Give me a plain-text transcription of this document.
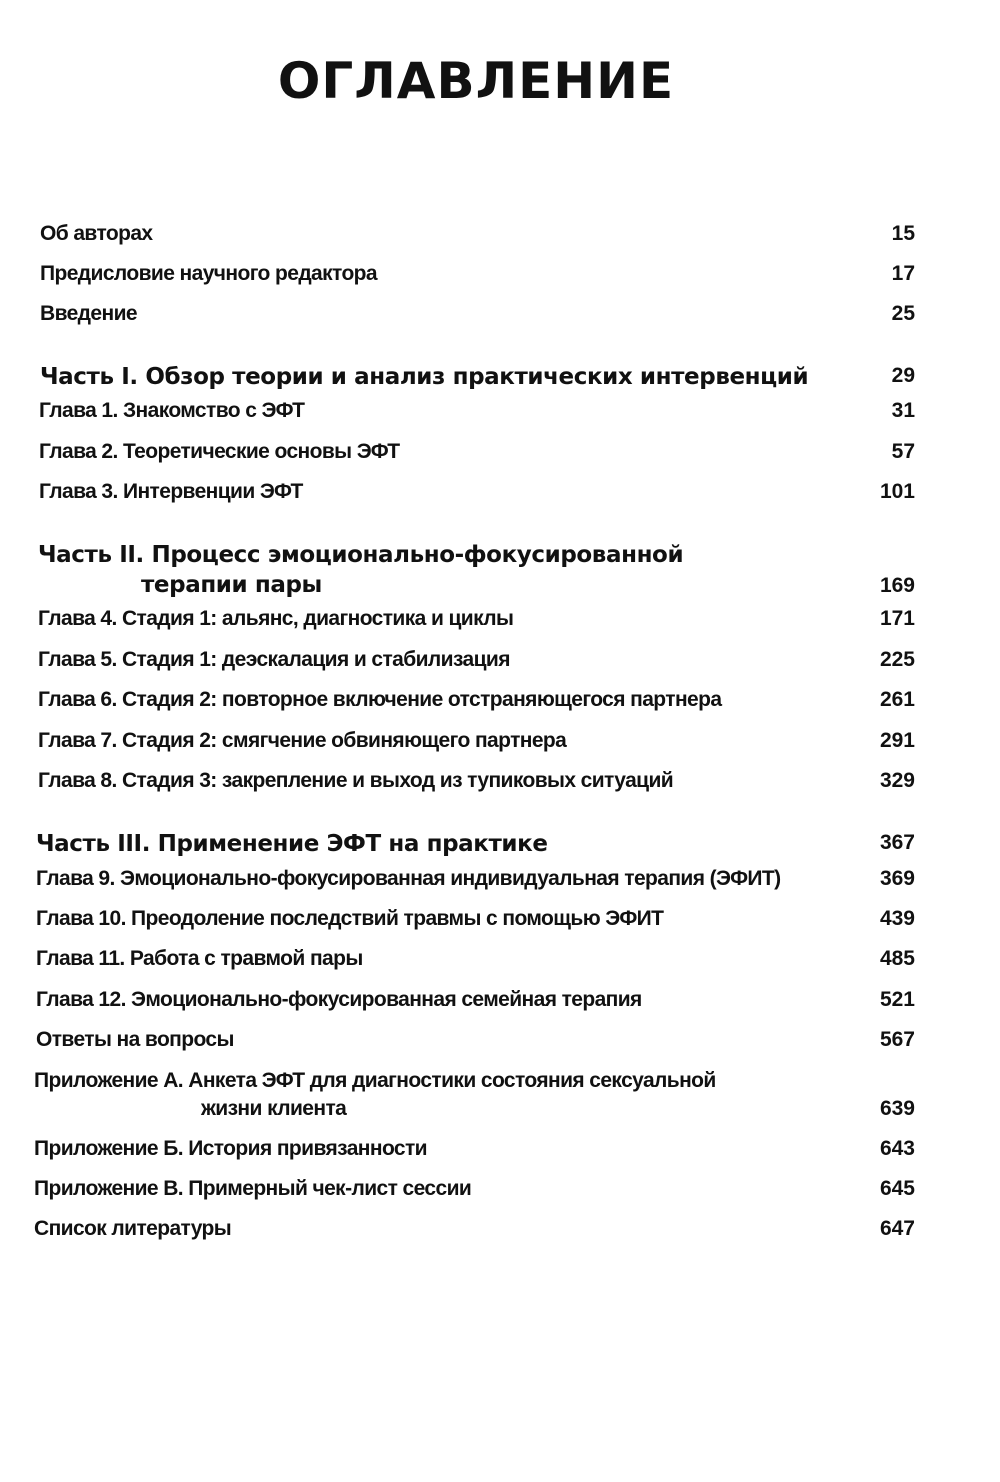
ОГЛАВЛЕНИЕ
Об авторах	15
Предисловие научного редактора	17
Введение	25
Часть I. Обзор теории и анализ практических интервенций	29
Глава 1. Знакомство с ЭФТ	31
Глава 2. Теоретические основы ЭФТ	57
Глава 3. Интервенции ЭФТ	101
Часть II. Процесс эмоционально-фокусированной
терапии пары	169
Глава 4. Стадия 1: альянс, диагностика и циклы	171
Глава 5. Стадия 1: деэскалация и стабилизация	225
Глава 6. Стадия 2: повторное включение отстраняющегося партнера	261
Глава 7. Стадия 2: смягчение обвиняющего партнера	291
Глава 8. Стадия 3: закрепление и выход из тупиковых ситуаций	329
Часть III. Применение ЭФТ на практике	367
Глава 9. Эмоционально-фокусированная индивидуальная терапия (ЭФИТ)	369
Глава 10. Преодоление последствий травмы с помощью ЭФИТ	439
Глава 11. Работа с травмой пары	485
Глава 12. Эмоционально-фокусированная семейная терапия	521
Ответы на вопросы	567
Приложение А. Анкета ЭФТ для диагностики состояния сексуальной
жизни клиента	639
Приложение Б. История привязанности	643
Приложение В. Примерный чек-лист сессии	645
Список литературы	647
